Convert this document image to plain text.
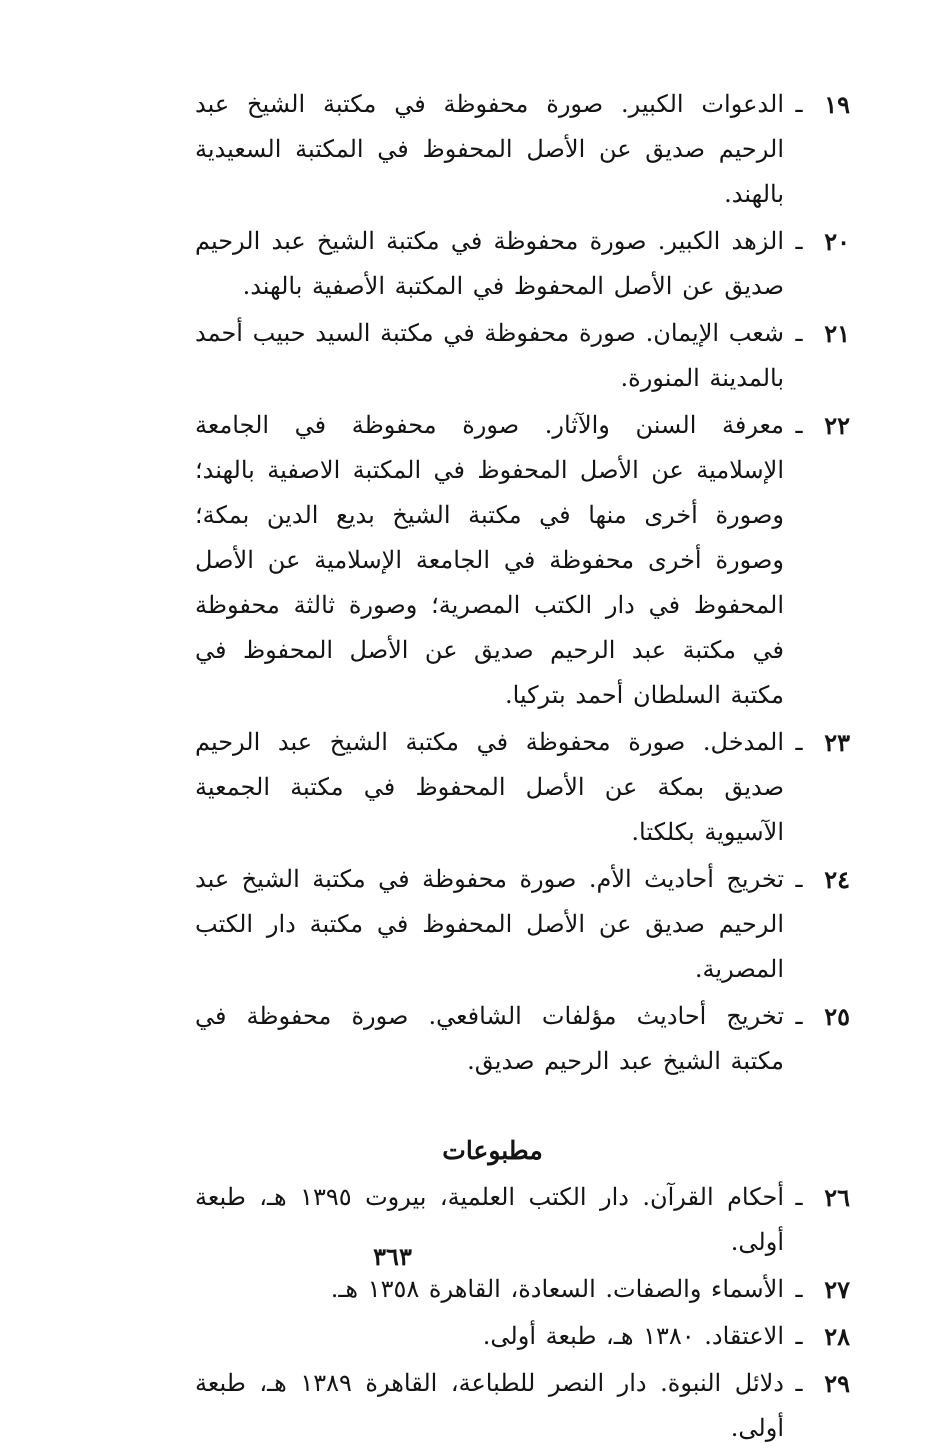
١٩
ـ
الدعوات الكبير. صورة محفوظة في مكتبة الشيخ عبد الرحيم صديق عن الأصل المحفوظ في المكتبة السعيدية بالهند.
٢٠
ـ
الزهد الكبير. صورة محفوظة في مكتبة الشيخ عبد الرحيم صديق عن الأصل المحفوظ في المكتبة الأصفية بالهند.
٢١
ـ
شعب الإيمان. صورة محفوظة في مكتبة السيد حبيب أحمد بالمدينة المنورة.
٢٢
ـ
معرفة السنن والآثار. صورة محفوظة في الجامعة الإسلامية عن الأصل المحفوظ في المكتبة الاصفية بالهند؛ وصورة أخرى منها في مكتبة الشيخ بديع الدين بمكة؛ وصورة أخرى محفوظة في الجامعة الإسلامية عن الأصل المحفوظ في دار الكتب المصرية؛ وصورة ثالثة محفوظة في مكتبة عبد الرحيم صديق عن الأصل المحفوظ في مكتبة السلطان أحمد بتركيا.
٢٣
ـ
المدخل. صورة محفوظة في مكتبة الشيخ عبد الرحيم صديق بمكة عن الأصل المحفوظ في مكتبة الجمعية الآسيوية بكلكتا.
٢٤
ـ
تخريج أحاديث الأم. صورة محفوظة في مكتبة الشيخ عبد الرحيم صديق عن الأصل المحفوظ في مكتبة دار الكتب المصرية.
٢٥
ـ
تخريج أحاديث مؤلفات الشافعي. صورة محفوظة في مكتبة الشيخ عبد الرحيم صديق.
مطبوعات
٢٦
ـ
أحكام القرآن. دار الكتب العلمية، بيروت ١٣٩٥ هـ، طبعة أولى.
٢٧
ـ
الأسماء والصفات. السعادة، القاهرة ١٣٥٨ هـ.
٢٨
ـ
الاعتقاد. ١٣٨٠ هـ، طبعة أولى.
٢٩
ـ
دلائل النبوة. دار النصر للطباعة، القاهرة ١٣٨٩ هـ، طبعة أولى.
٣٦٣
